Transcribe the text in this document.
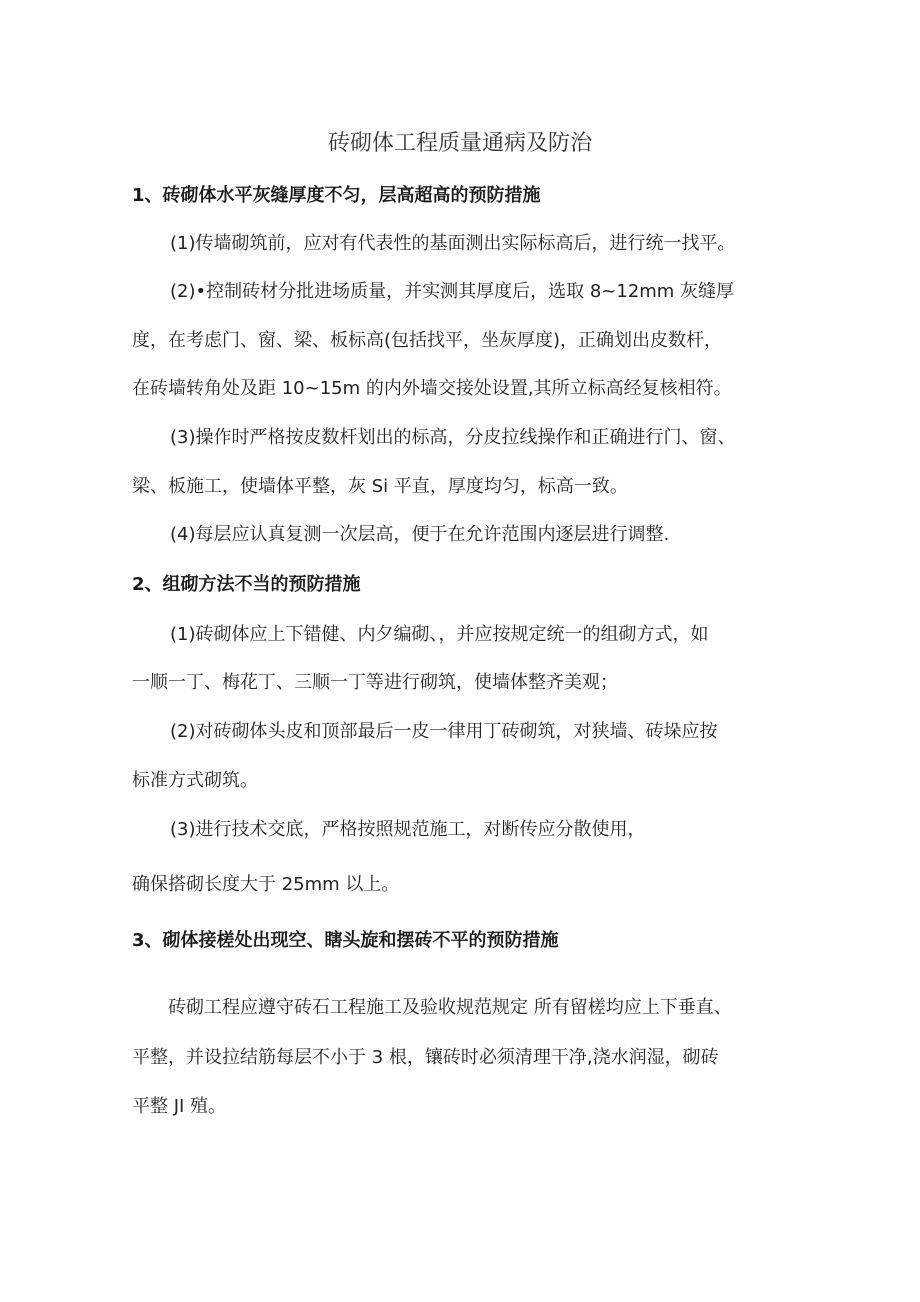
砖砌体工程质量通病及防治
1、砖砌体水平灰缝厚度不匀，层高超高的预防措施
(1)传墙砌筑前，应对有代表性的基面测出实际标高后，进行统一找平。
(2)•控制砖材分批进场质量，并实测其厚度后，选取 8~12mm 灰缝厚
度，在考虑门、窗、梁、板标高(包括找平，坐灰厚度)，正确划出皮数杆，
在砖墙转角处及距 10~15m 的内外墙交接处设置,其所立标高经复核相符。
(3)操作时严格按皮数杆划出的标高，分皮拉线操作和正确进行门、窗、
梁、板施工，使墙体平整，灰 Si 平直，厚度均匀，标高一致。
(4)每层应认真复测一次层高，便于在允许范围内逐层进行调整.
2、组砌方法不当的预防措施
(1)砖砌体应上下错健、内夕编砌、，并应按规定统一的组砌方式，如
一顺一丁、梅花丁、三顺一丁等进行砌筑，使墙体整齐美观；
(2)对砖砌体头皮和顶部最后一皮一律用丁砖砌筑，对狭墙、砖垛应按
标准方式砌筑。
(3)进行技术交底，严格按照规范施工，对断传应分散使用，
确保搭砌长度大于 25mm 以上。
3、砌体接槎处出现空、瞎头旋和摆砖不平的预防措施
砖砌工程应遵守砖石工程施工及验收规范规定 所有留槎均应上下垂直、
平整，并设拉结筋每层不小于 3 根，镶砖时必须清理干净,浇水润湿，砌砖
平整 JI 殖。
